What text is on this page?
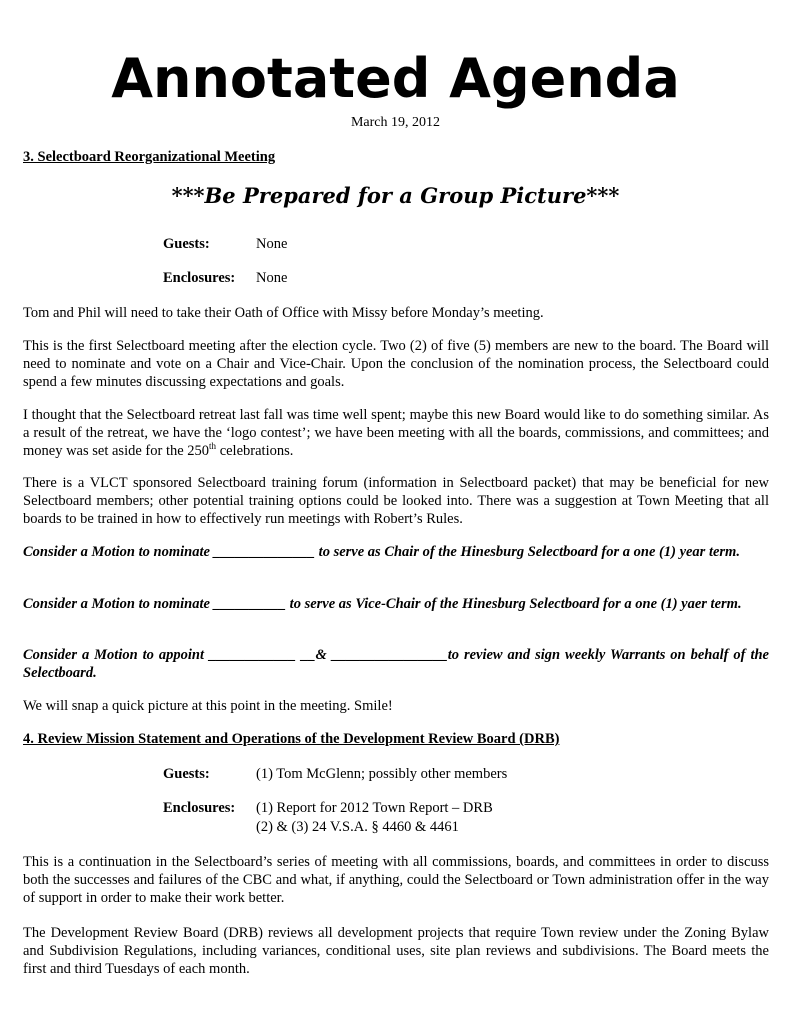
Annotated Agenda
March 19, 2012
3. Selectboard Reorganizational Meeting
***Be Prepared for a Group Picture***
Guests:	None
Enclosures: None

Tom and Phil will need to take their Oath of Office with Missy before Monday’s meeting.

This is the first Selectboard meeting after the election cycle. Two (2) of five (5) members are new to the board. The Board will need to nominate and vote on a Chair and Vice-Chair. Upon the conclusion of the nomination process, the Selectboard could spend a few minutes discussing expectations and goals.

I thought that the Selectboard retreat last fall was time well spent; maybe this new Board would like to do something similar. As a result of the retreat, we have the ‘logo contest’; we have been meeting with all the boards, commissions, and committees; and money was set aside for the 250th celebrations.

There is a VLCT sponsored Selectboard training forum (information in Selectboard packet) that may be beneficial for new Selectboard members; other potential training options could be looked into. There was a suggestion at Town Meeting that all boards to be trained in how to effectively run meetings with Robert’s Rules.

Consider a Motion to nominate ______________ to serve as Chair of the Hinesburg Selectboard for a one (1) year term.

Consider a Motion to nominate __________ to serve as Vice-Chair of the Hinesburg Selectboard for a one (1) yaer term.

Consider a Motion to appoint ____________ __& ________________to review and sign weekly Warrants on behalf of the Selectboard.

We will snap a quick picture at this point in the meeting. Smile!

4. Review Mission Statement and Operations of the Development Review Board (DRB)
Guests:	(1) Tom McGlenn; possibly other members
Enclosures: (1) Report for 2012 Town Report – DRB
(2) & (3) 24 V.S.A. § 4460 & 4461

This is a continuation in the Selectboard’s series of meeting with all commissions, boards, and committees in order to discuss both the successes and failures of the CBC and what, if anything, could the Selectboard or Town administration offer in the way of support in order to make their work better.

The Development Review Board (DRB) reviews all development projects that require Town review under the Zoning Bylaw and Subdivision Regulations, including variances, conditional uses, site plan reviews and subdivisions. The Board meets the first and third Tuesdays of each month.
